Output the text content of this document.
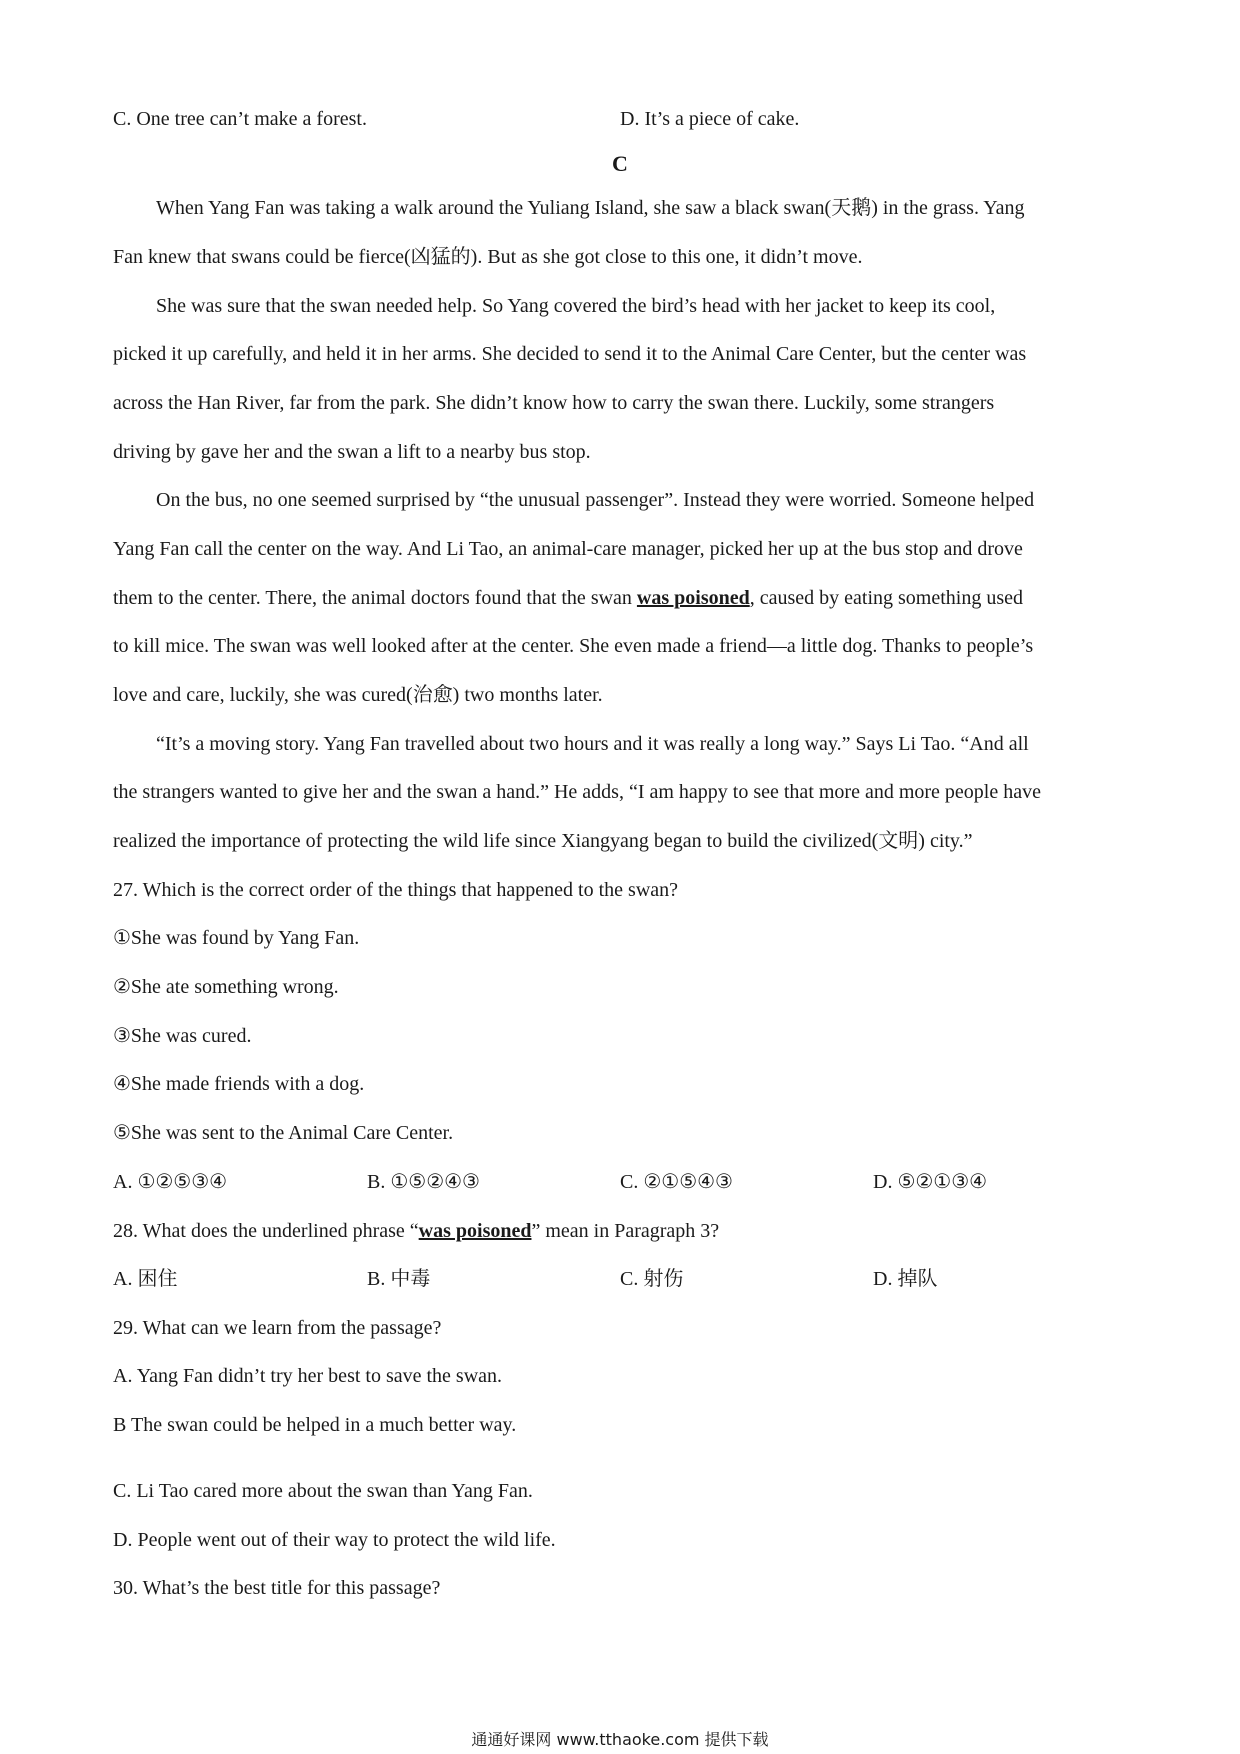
C. One tree can’t make a forest.	D. It’s a piece of cake.
C
When Yang Fan was taking a walk around the Yuliang Island, she saw a black swan(天鹅) in the grass. Yang
Fan knew that swans could be fierce(凶猛的). But as she got close to this one, it didn’t move.
She was sure that the swan needed help. So Yang covered the bird’s head with her jacket to keep its cool,
picked it up carefully, and held it in her arms. She decided to send it to the Animal Care Center, but the center was
across the Han River, far from the park. She didn’t know how to carry the swan there. Luckily, some strangers
driving by gave her and the swan a lift to a nearby bus stop.
On the bus, no one seemed surprised by “the unusual passenger”. Instead they were worried. Someone helped
Yang Fan call the center on the way. And Li Tao, an animal-care manager, picked her up at the bus stop and drove
them to the center. There, the animal doctors found that the swan was poisoned, caused by eating something used
to kill mice. The swan was well looked after at the center. She even made a friend—a little dog. Thanks to people’s
love and care, luckily, she was cured(治愈) two months later.
“It’s a moving story. Yang Fan travelled about two hours and it was really a long way.” Says Li Tao. “And all
the strangers wanted to give her and the swan a hand.” He adds, “I am happy to see that more and more people have
realized the importance of protecting the wild life since Xiangyang began to build the civilized(文明) city.”
27. Which is the correct order of the things that happened to the swan?
①She was found by Yang Fan.
②She ate something wrong.
③She was cured.
④She made friends with a dog.
⑤She was sent to the Animal Care Center.
A. ①②⑤③④	B. ①⑤②④③	C. ②①⑤④③	D. ⑤②①③④
28. What does the underlined phrase “was poisoned” mean in Paragraph 3?
A. 困住	B. 中毒	C. 射伤	D. 掉队
29. What can we learn from the passage?
A. Yang Fan didn’t try her best to save the swan.
B The swan could be helped in a much better way.
C. Li Tao cared more about the swan than Yang Fan.
D. People went out of their way to protect the wild life.
30. What’s the best title for this passage?
通通好课网 www.tthaoke.com 提供下载
